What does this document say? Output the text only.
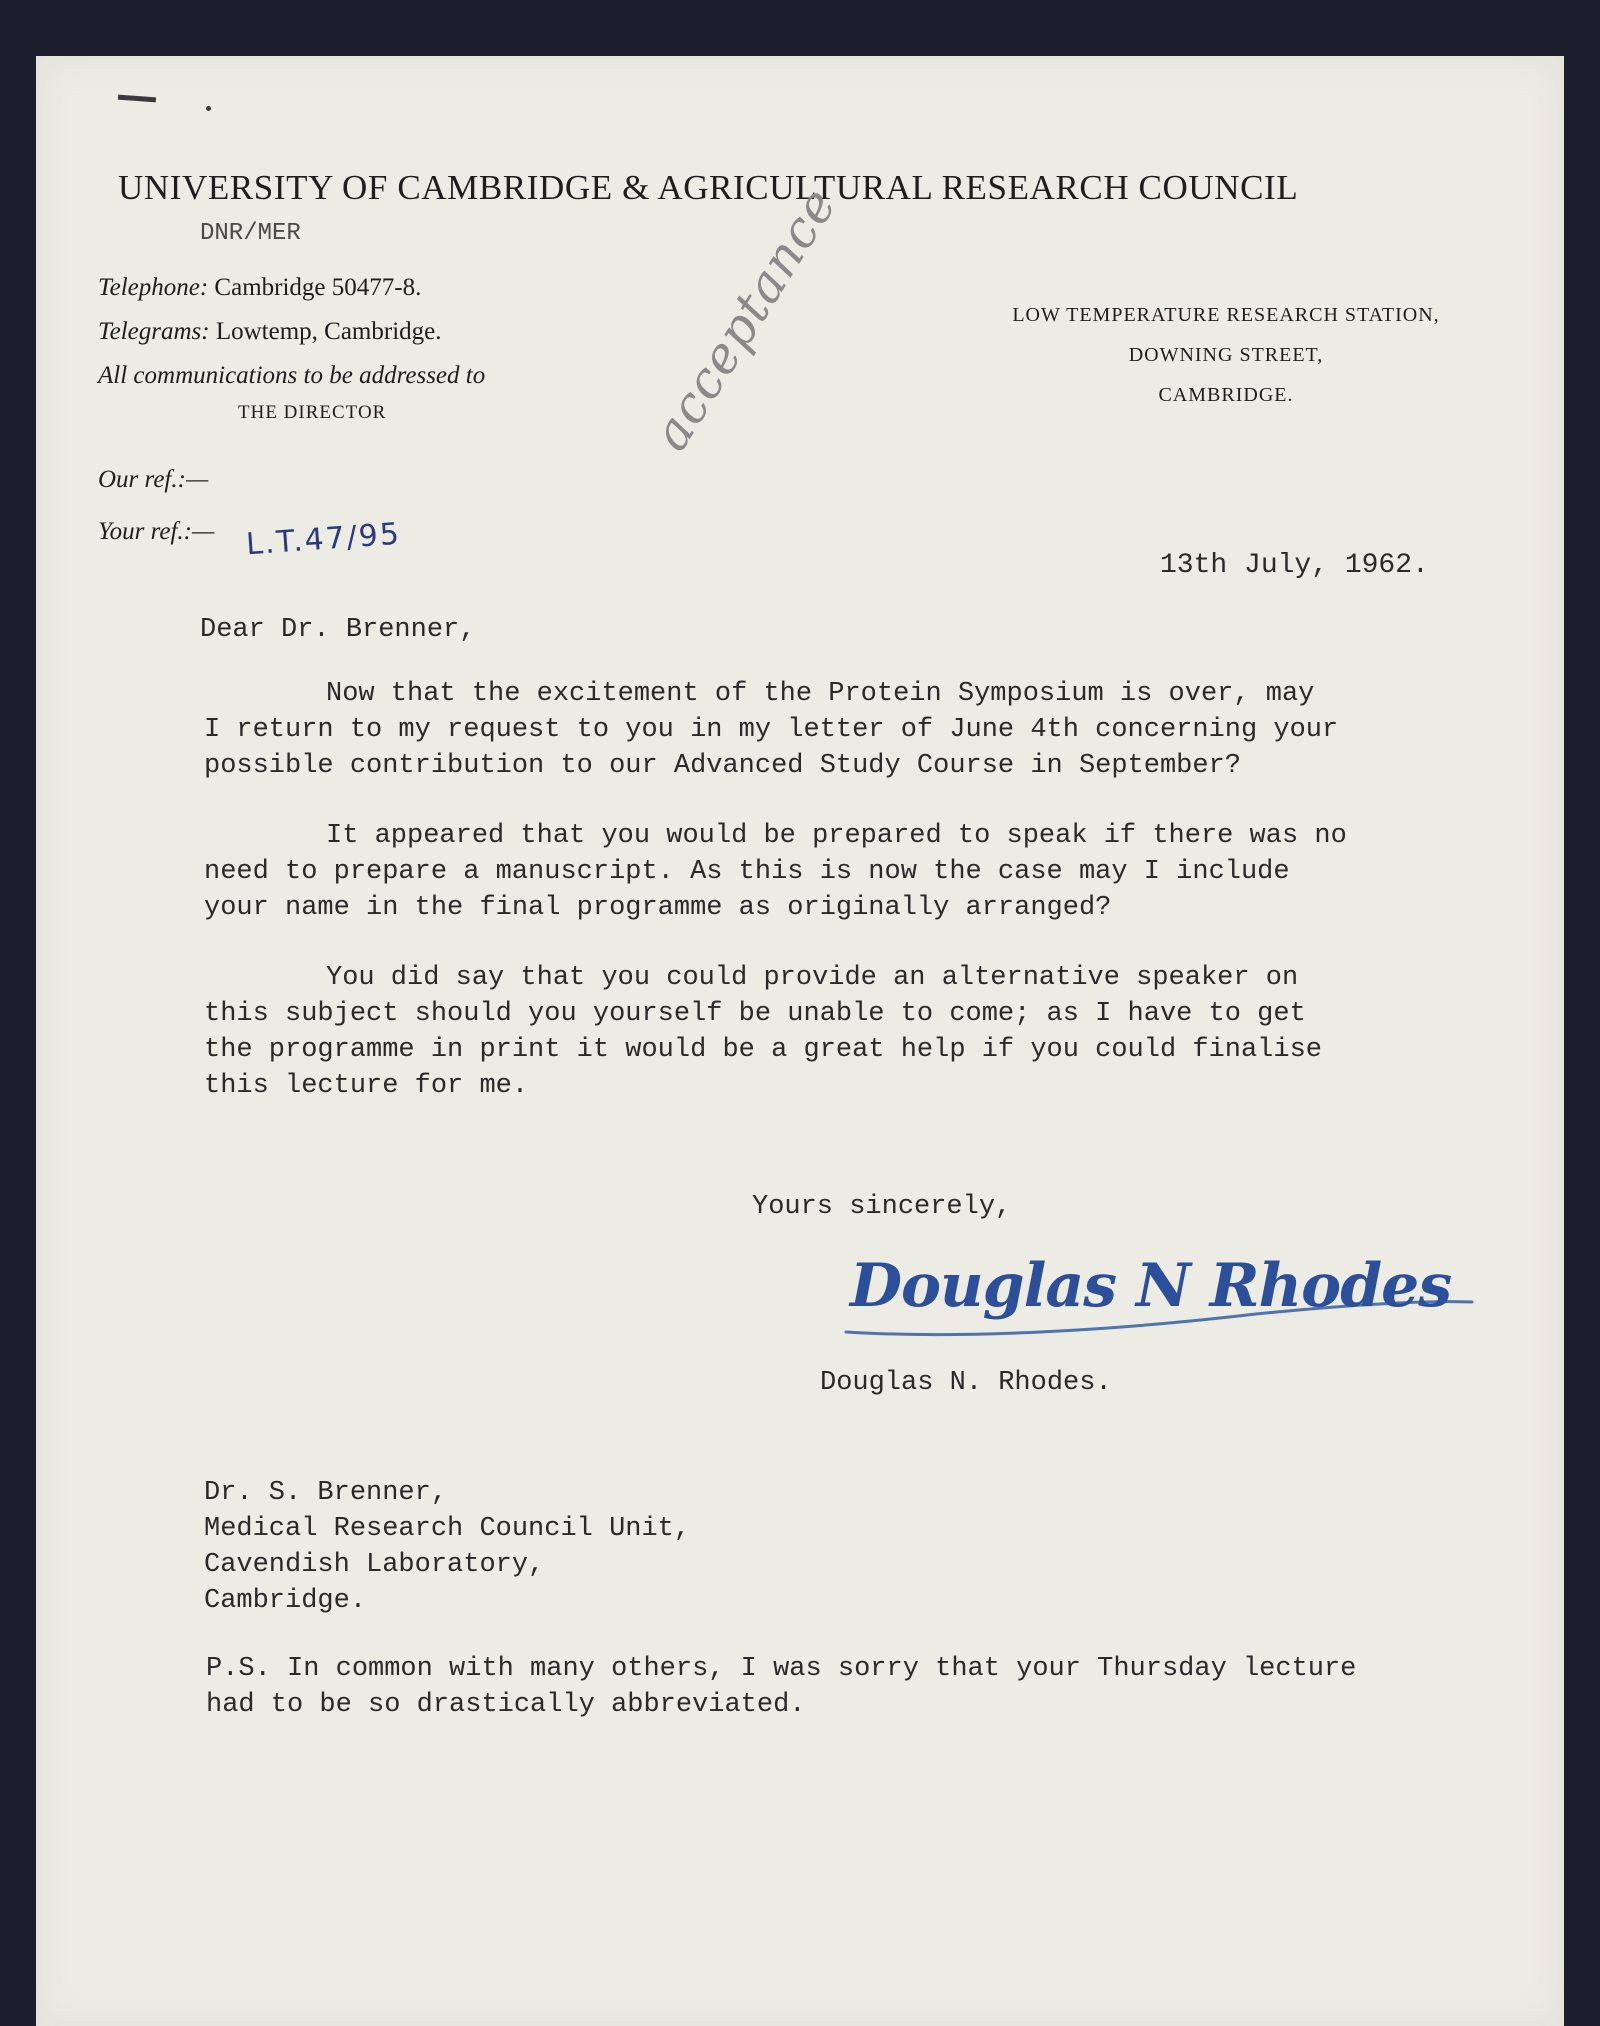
UNIVERSITY OF CAMBRIDGE & AGRICULTURAL RESEARCH COUNCIL
DNR/MER
Telephone: Cambridge 50477-8.
Telegrams: Lowtemp, Cambridge.
All communications to be addressed to
THE DIRECTOR
LOW TEMPERATURE RESEARCH STATION,
DOWNING STREET,
CAMBRIDGE.
acceptance
Our ref.:—
L.T.47/95
Your ref.:—
13th July, 1962.
Dear Dr. Brenner,
Now that the excitement of the Protein Symposium is over, may
I return to my request to you in my letter of June 4th concerning your
possible contribution to our Advanced Study Course in September?
It appeared that you would be prepared to speak if there was no
need to prepare a manuscript. As this is now the case may I include
your name in the final programme as originally arranged?
You did say that you could provide an alternative speaker on
this subject should you yourself be unable to come; as I have to get
the programme in print it would be a great help if you could finalise
this lecture for me.
Yours sincerely,
Douglas N Rhodes
Douglas N. Rhodes.
Dr. S. Brenner,
Medical Research Council Unit,
Cavendish Laboratory,
Cambridge.
P.S. In common with many others, I was sorry that your Thursday lecture
had to be so drastically abbreviated.
